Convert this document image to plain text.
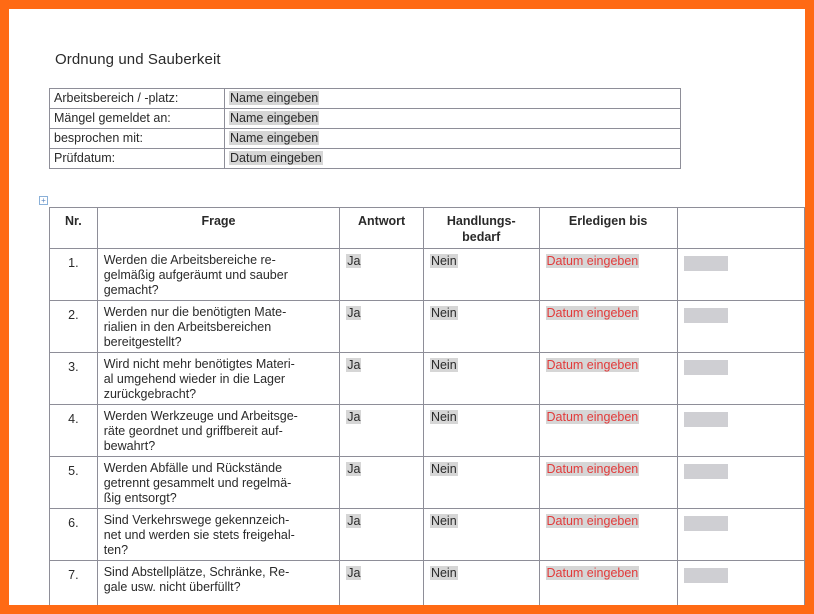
Ordnung und Sauberkeit
Arbeitsbereich / -platz:	Name eingeben
Mängel gemeldet an:	Name eingeben
besprochen mit:	Name eingeben
Prüfdatum:	Datum eingeben
+
Nr.	Frage	Antwort	Handlungs-
bedarf	Erledigen bis	
1.	Werden die Arbeitsbereiche re-
gelmäßig aufgeräumt und sauber
gemacht?	Ja	Nein	Datum eingeben	
2.	Werden nur die benötigten Mate-
rialien in den Arbeitsbereichen
bereitgestellt?	Ja	Nein	Datum eingeben	
3.	Wird nicht mehr benötigtes Materi-
al umgehend wieder in die Lager
zurückgebracht?	Ja	Nein	Datum eingeben	
4.	Werden Werkzeuge und Arbeitsge-
räte geordnet und griffbereit auf-
bewahrt?	Ja	Nein	Datum eingeben	
5.	Werden Abfälle und Rückstände
getrennt gesammelt und regelmä-
ßig entsorgt?	Ja	Nein	Datum eingeben	
6.	Sind Verkehrswege gekennzeich-
net und werden sie stets freigehal-
ten?	Ja	Nein	Datum eingeben	
7.	Sind Abstellplätze, Schränke, Re-
gale usw. nicht überfüllt?	Ja	Nein	Datum eingeben	
